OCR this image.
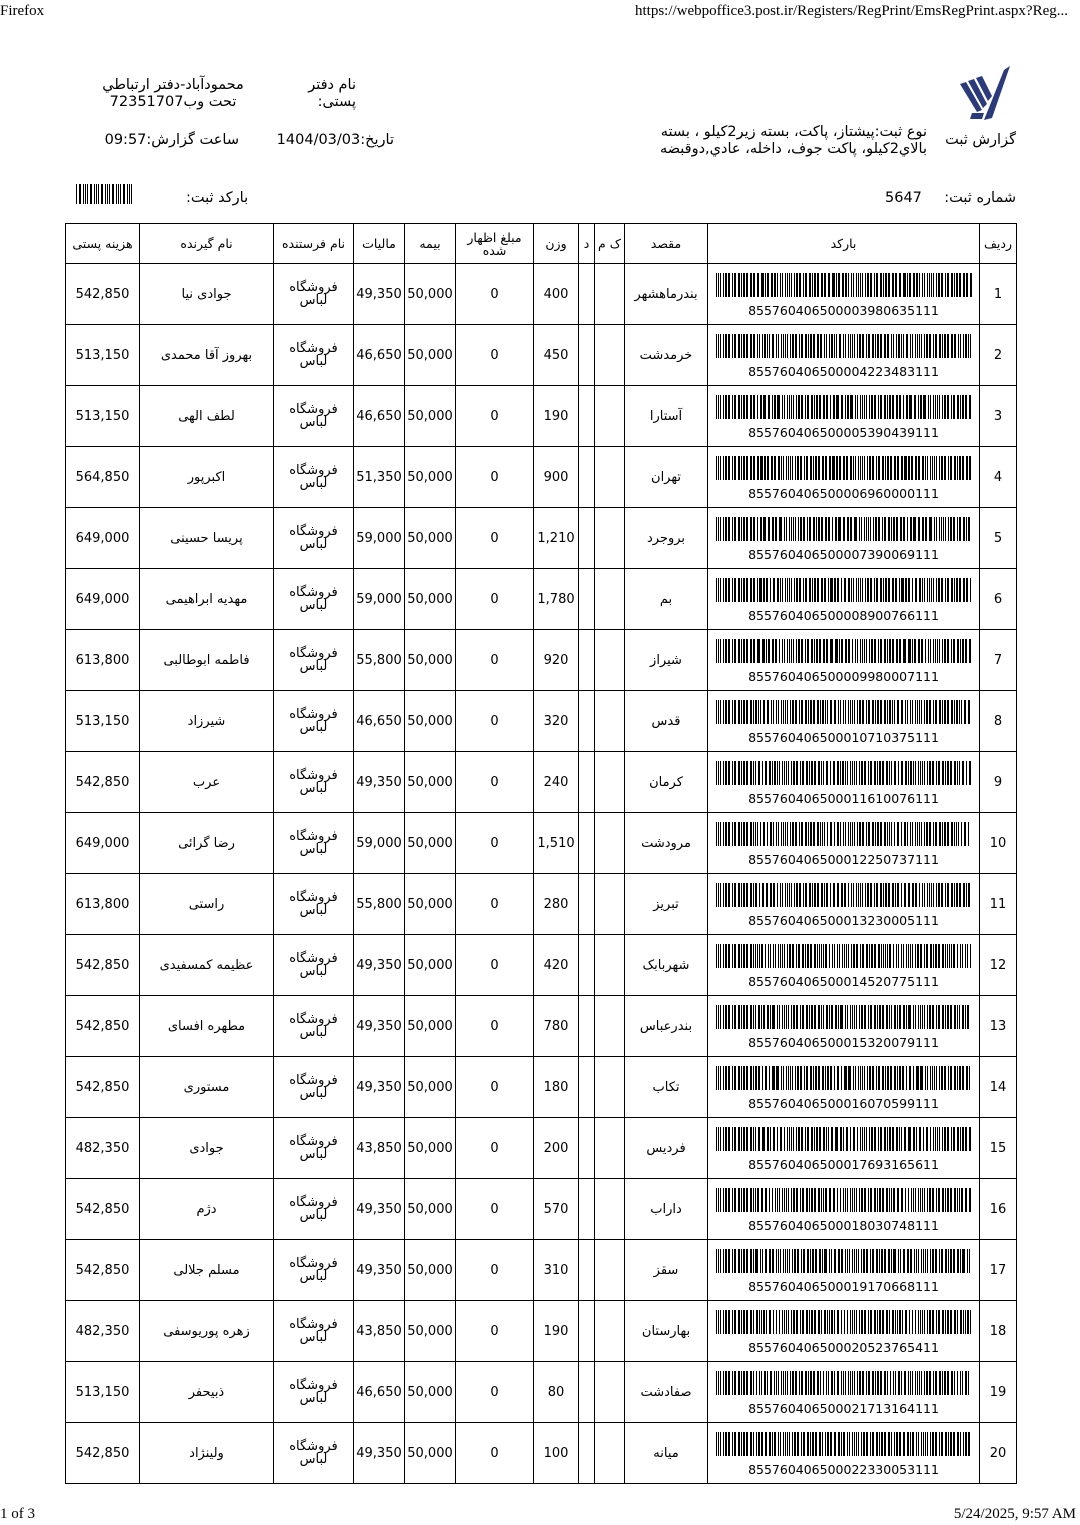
Firefox	https://webpoffice3.post.ir/Registers/RegPrint/EmsRegPrint.aspx?Reg...
1 of 3	5/24/2025, 9:57 AM
گزارش ثبت
نوع ثبت:پیشتاز، پاکت، بسته زیر2کیلو ، بسته بالاي2کیلو، پاکت جوف، داخله، عادي,دوقبضه
نام دفتر پستی:
محمودآباد-دفتر ارتباطي تحت وب72351707
تاریخ:1404/03/03
ساعت گزارش:09:57
شماره ثبت:
5647
بارکد ثبت:
ردیف	بارکد	مقصد	ک م	د	وزن	مبلغ اظهار شده	بیمه	مالیات	نام فرستنده	نام گیرنده	هزینه پستی
1	855760406500003980635111	بندرماهشهر			400	0	50,000	49,350	فروشگاه لباس	جوادی نیا	542,850
2	855760406500004223483111	خرمدشت			450	0	50,000	46,650	فروشگاه لباس	بهروز آقا محمدی	513,150
3	855760406500005390439111	آستارا			190	0	50,000	46,650	فروشگاه لباس	لطف الهی	513,150
4	855760406500006960000111	تهران			900	0	50,000	51,350	فروشگاه لباس	اکبرپور	564,850
5	855760406500007390069111	بروجرد			1,210	0	50,000	59,000	فروشگاه لباس	پریسا حسینی	649,000
6	855760406500008900766111	بم			1,780	0	50,000	59,000	فروشگاه لباس	مهدیه ابراهیمی	649,000
7	855760406500009980007111	شیراز			920	0	50,000	55,800	فروشگاه لباس	فاطمه ابوطالبی	613,800
8	855760406500010710375111	قدس			320	0	50,000	46,650	فروشگاه لباس	شیرزاد	513,150
9	855760406500011610076111	کرمان			240	0	50,000	49,350	فروشگاه لباس	عرب	542,850
10	855760406500012250737111	مرودشت			1,510	0	50,000	59,000	فروشگاه لباس	رضا گرائی	649,000
11	855760406500013230005111	تبریز			280	0	50,000	55,800	فروشگاه لباس	راستی	613,800
12	855760406500014520775111	شهربابک			420	0	50,000	49,350	فروشگاه لباس	عظیمه کمسفیدی	542,850
13	855760406500015320079111	بندرعباس			780	0	50,000	49,350	فروشگاه لباس	مطهره افسای	542,850
14	855760406500016070599111	تکاب			180	0	50,000	49,350	فروشگاه لباس	مستوری	542,850
15	855760406500017693165611	فردیس			200	0	50,000	43,850	فروشگاه لباس	جوادی	482,350
16	855760406500018030748111	داراب			570	0	50,000	49,350	فروشگاه لباس	دژم	542,850
17	855760406500019170668111	سقز			310	0	50,000	49,350	فروشگاه لباس	مسلم جلالی	542,850
18	855760406500020523765411	بهارستان			190	0	50,000	43,850	فروشگاه لباس	زهره پوریوسفی	482,350
19	855760406500021713164111	صفادشت			80	0	50,000	46,650	فروشگاه لباس	ذبیحفر	513,150
20	855760406500022330053111	میانه			100	0	50,000	49,350	فروشگاه لباس	ولینژاد	542,850
